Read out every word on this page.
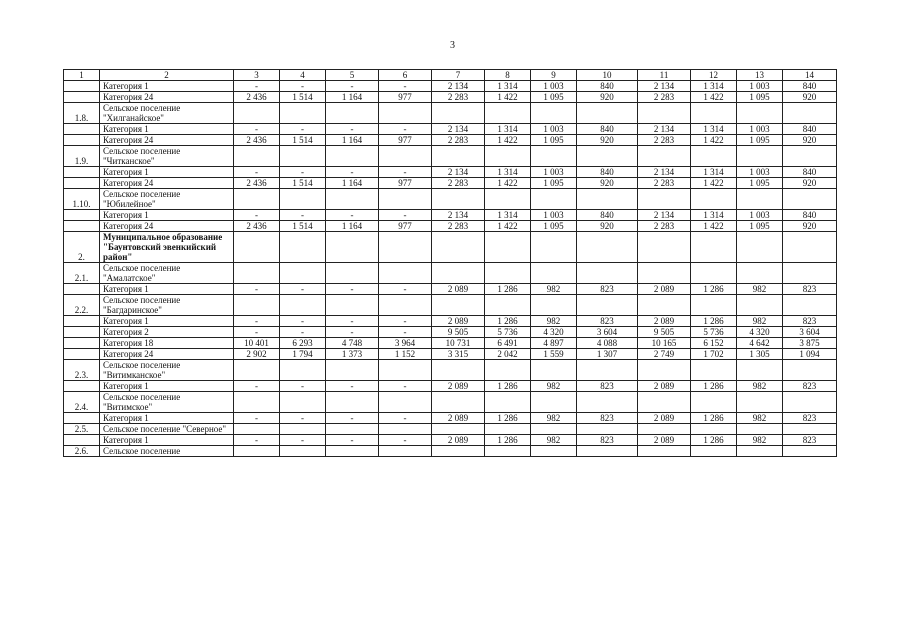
3
1	2	3	4	5	6	7	8	9	10	11	12	13	14
	Категория 1	-	-	-	-	2 134	1 314	1 003	840	2 134	1 314	1 003	840
	Категория 24	2 436	1 514	1 164	977	2 283	1 422	1 095	920	2 283	1 422	1 095	920
1.8.	Сельское поселение "Хилганайское"												
	Категория 1	-	-	-	-	2 134	1 314	1 003	840	2 134	1 314	1 003	840
	Категория 24	2 436	1 514	1 164	977	2 283	1 422	1 095	920	2 283	1 422	1 095	920
1.9.	Сельское поселение "Читканское"												
	Категория 1	-	-	-	-	2 134	1 314	1 003	840	2 134	1 314	1 003	840
	Категория 24	2 436	1 514	1 164	977	2 283	1 422	1 095	920	2 283	1 422	1 095	920
1.10.	Сельское поселение "Юбилейное"												
	Категория 1	-	-	-	-	2 134	1 314	1 003	840	2 134	1 314	1 003	840
	Категория 24	2 436	1 514	1 164	977	2 283	1 422	1 095	920	2 283	1 422	1 095	920
2.	Муниципальное образование "Баунтовский эвенкийский район"												
2.1.	Сельское поселение "Амалатское"												
	Категория 1	-	-	-	-	2 089	1 286	982	823	2 089	1 286	982	823
2.2.	Сельское поселение "Багдаринское"												
	Категория 1	-	-	-	-	2 089	1 286	982	823	2 089	1 286	982	823
	Категория 2	-	-	-	-	9 505	5 736	4 320	3 604	9 505	5 736	4 320	3 604
	Категория 18	10 401	6 293	4 748	3 964	10 731	6 491	4 897	4 088	10 165	6 152	4 642	3 875
	Категория 24	2 902	1 794	1 373	1 152	3 315	2 042	1 559	1 307	2 749	1 702	1 305	1 094
2.3.	Сельское поселение "Витимканское"												
	Категория 1	-	-	-	-	2 089	1 286	982	823	2 089	1 286	982	823
2.4.	Сельское поселение "Витимское"												
	Категория 1	-	-	-	-	2 089	1 286	982	823	2 089	1 286	982	823
2.5.	Сельское поселение "Северное"												
	Категория 1	-	-	-	-	2 089	1 286	982	823	2 089	1 286	982	823
2.6.	Сельское поселение												
